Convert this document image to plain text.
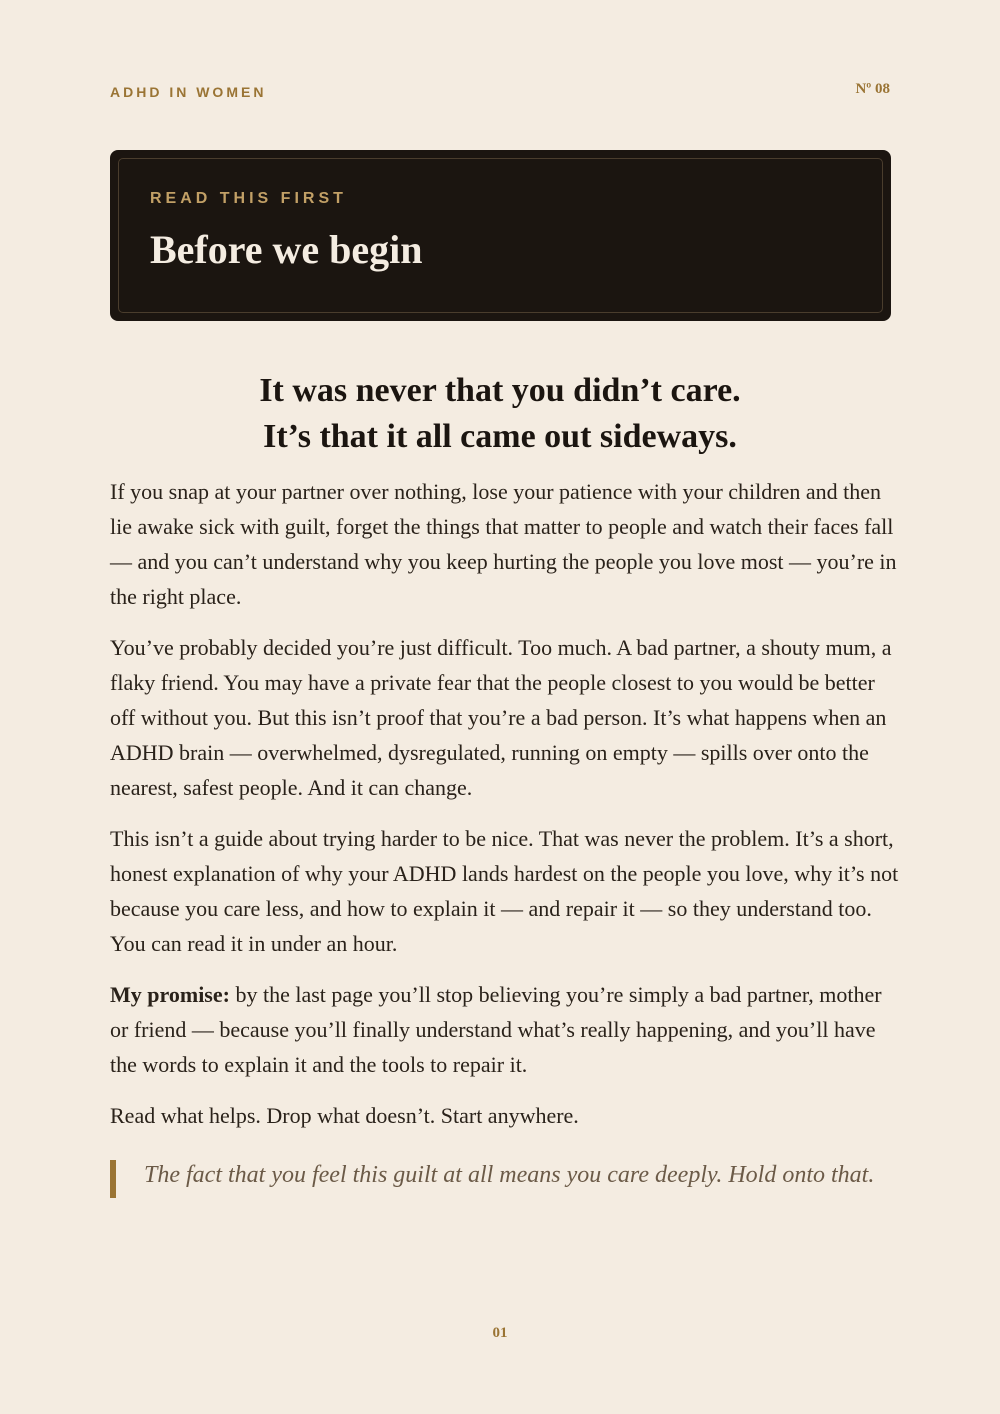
ADHD IN WOMEN	Nº 08
READ THIS FIRST
Before we begin
It was never that you didn’t care.
It’s that it all came out sideways.

If you snap at your partner over nothing, lose your patience with your children and then lie awake sick with guilt, forget the things that matter to people and watch their faces fall — and you can’t understand why you keep hurting the people you love most — you’re in the right place.

You’ve probably decided you’re just difficult. Too much. A bad partner, a shouty mum, a flaky friend. You may have a private fear that the people closest to you would be better off without you. But this isn’t proof that you’re a bad person. It’s what happens when an ADHD brain — overwhelmed, dysregulated, running on empty — spills over onto the nearest, safest people. And it can change.

This isn’t a guide about trying harder to be nice. That was never the problem. It’s a short, honest explanation of why your ADHD lands hardest on the people you love, why it’s not because you care less, and how to explain it — and repair it — so they understand too. You can read it in under an hour.

My promise: by the last page you’ll stop believing you’re simply a bad partner, mother or friend — because you’ll finally understand what’s really happening, and you’ll have the words to explain it and the tools to repair it.

Read what helps. Drop what doesn’t. Start anywhere.

The fact that you feel this guilt at all means you care deeply. Hold onto that.
01
